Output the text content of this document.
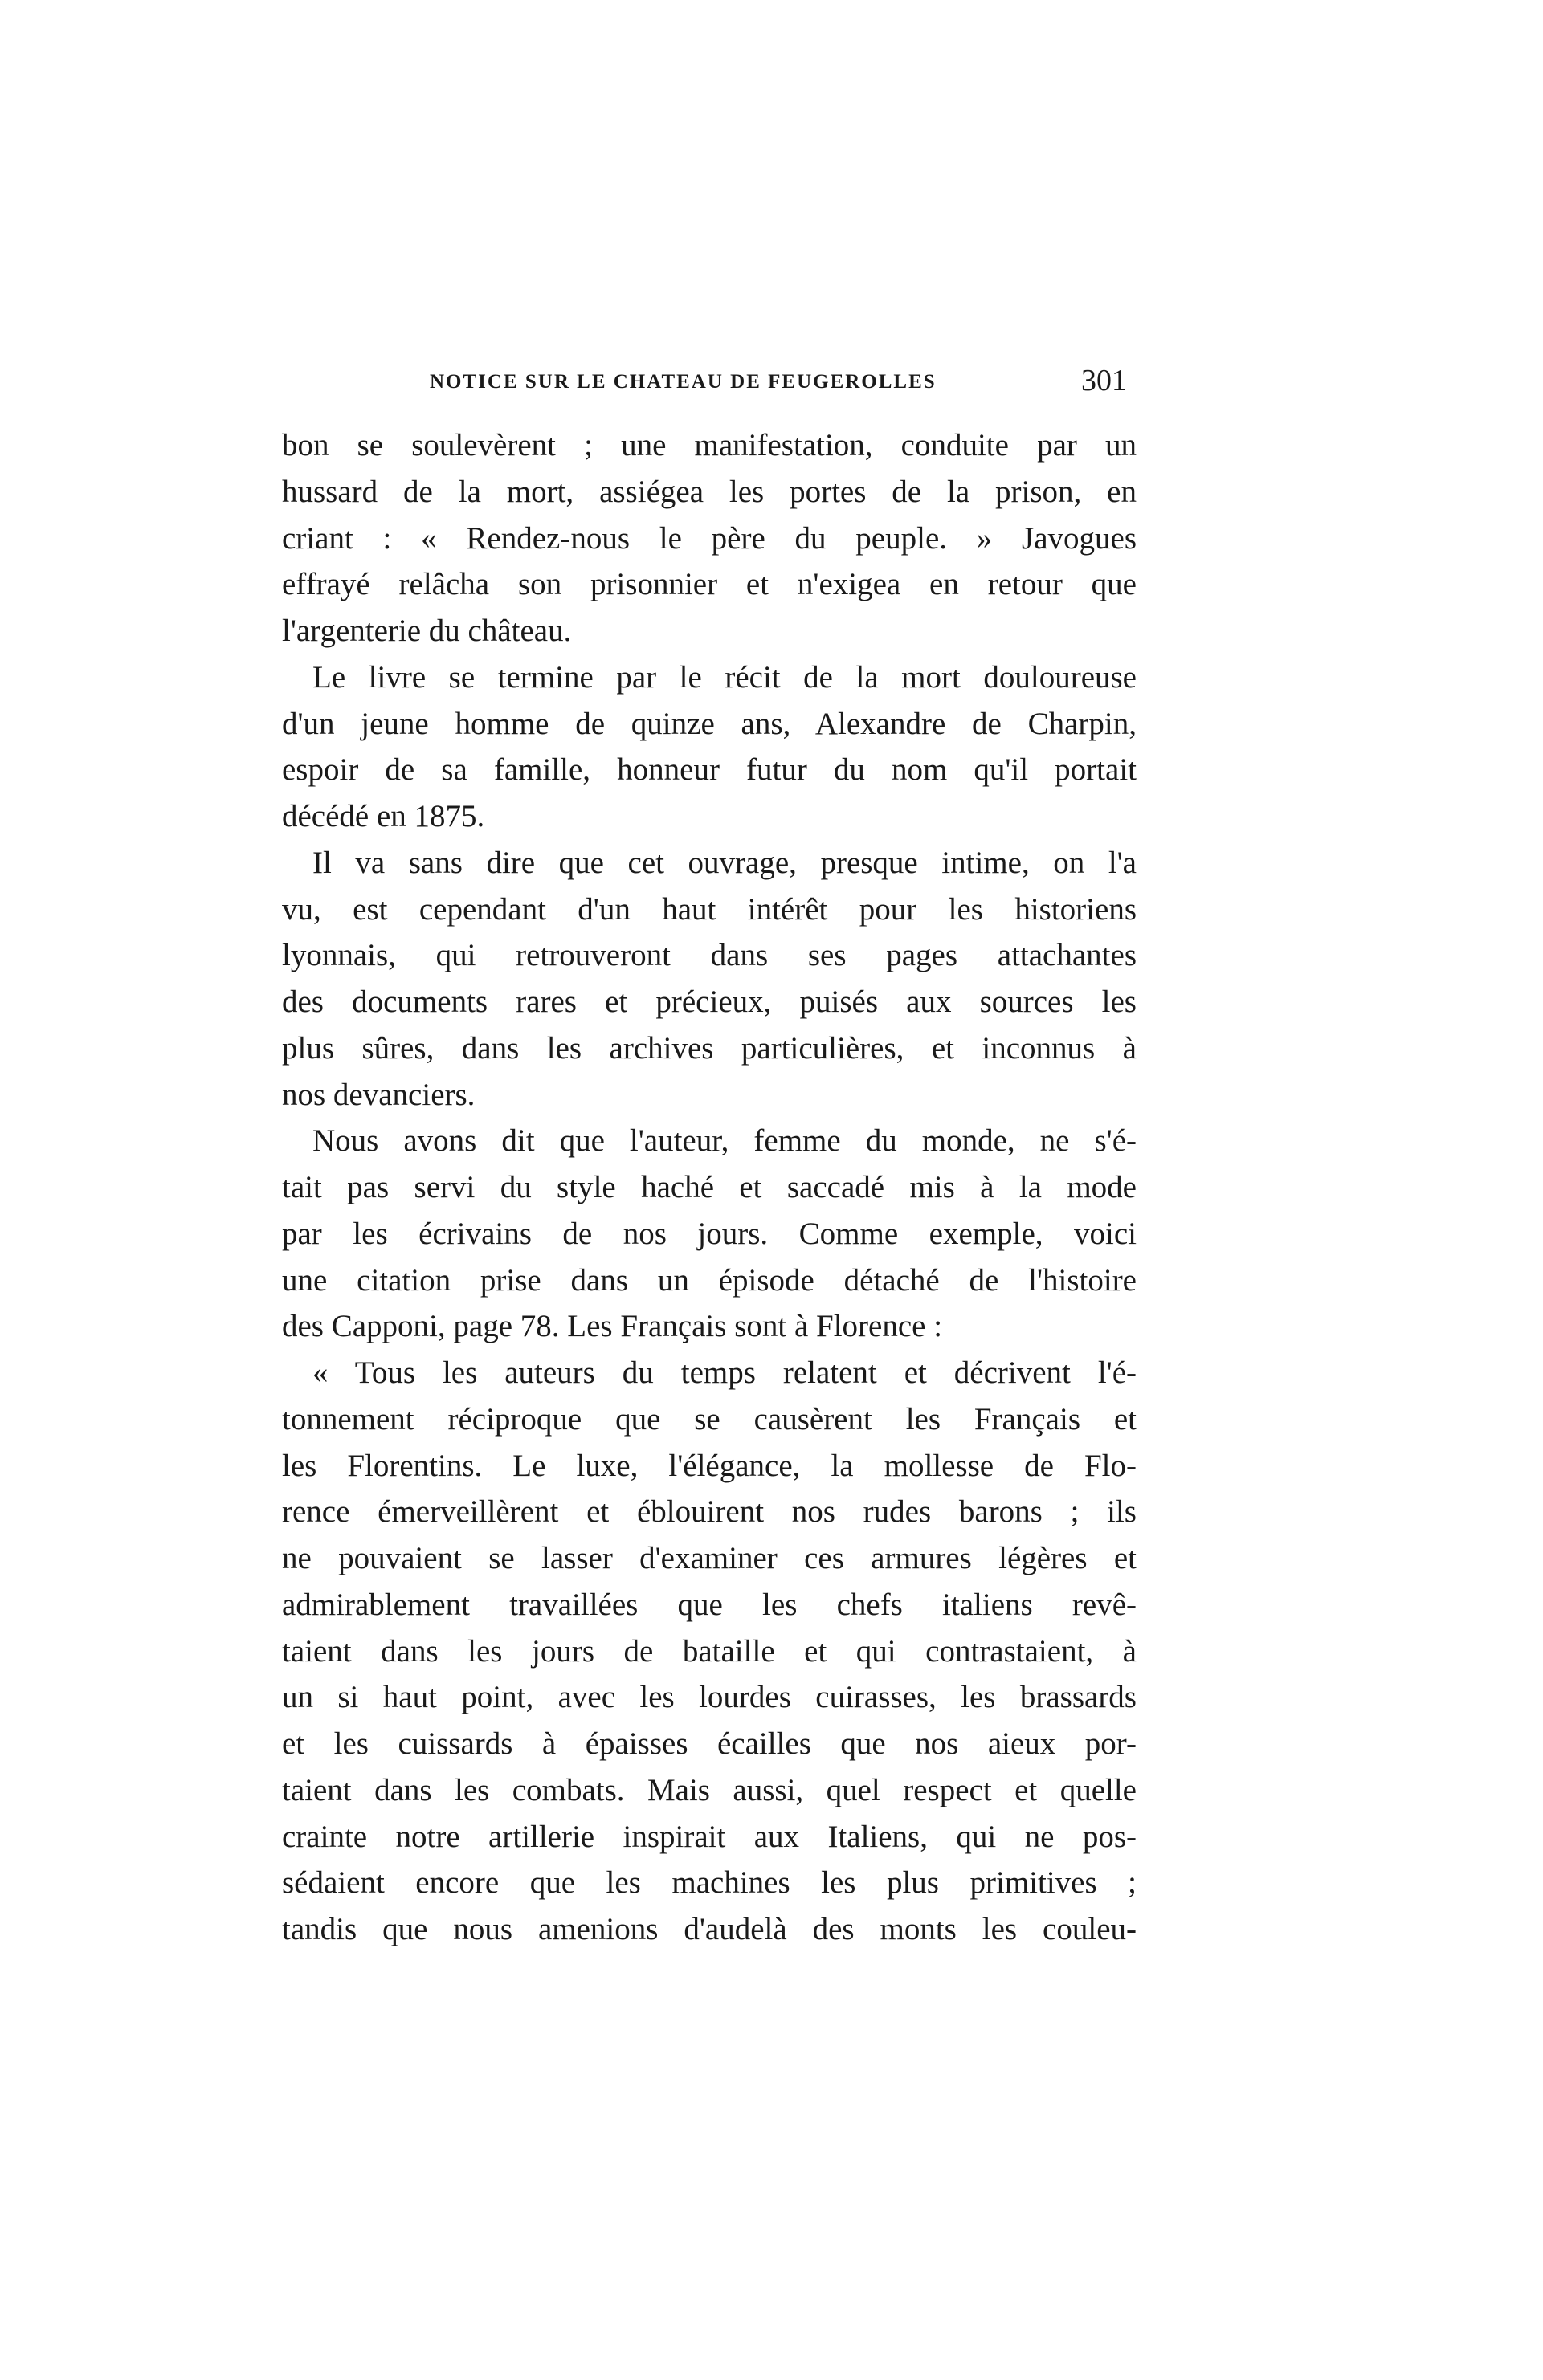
NOTICE SUR LE CHATEAU DE FEUGEROLLES	301
bon se soulevèrent ; une manifestation, conduite par un
hussard de la mort, assiégea les portes de la prison, en
criant : « Rendez-nous le père du peuple. » Javogues
effrayé relâcha son prisonnier et n'exigea en retour que
l'argenterie du château.
Le livre se termine par le récit de la mort douloureuse
d'un jeune homme de quinze ans, Alexandre de Charpin,
espoir de sa famille, honneur futur du nom qu'il portait
décédé en 1875.
Il va sans dire que cet ouvrage, presque intime, on l'a
vu, est cependant d'un haut intérêt pour les historiens
lyonnais, qui retrouveront dans ses pages attachantes
des documents rares et précieux, puisés aux sources les
plus sûres, dans les archives particulières, et inconnus à
nos devanciers.
Nous avons dit que l'auteur, femme du monde, ne s'é-
tait pas servi du style haché et saccadé mis à la mode
par les écrivains de nos jours. Comme exemple, voici
une citation prise dans un épisode détaché de l'histoire
des Capponi, page 78. Les Français sont à Florence :
« Tous les auteurs du temps relatent et décrivent l'é-
tonnement réciproque que se causèrent les Français et
les Florentins. Le luxe, l'élégance, la mollesse de Flo-
rence émerveillèrent et éblouirent nos rudes barons ; ils
ne pouvaient se lasser d'examiner ces armures légères et
admirablement travaillées que les chefs italiens revê-
taient dans les jours de bataille et qui contrastaient, à
un si haut point, avec les lourdes cuirasses, les brassards
et les cuissards à épaisses écailles que nos aieux por-
taient dans les combats. Mais aussi, quel respect et quelle
crainte notre artillerie inspirait aux Italiens, qui ne pos-
sédaient encore que les machines les plus primitives ;
tandis que nous amenions d'audelà des monts les couleu-
